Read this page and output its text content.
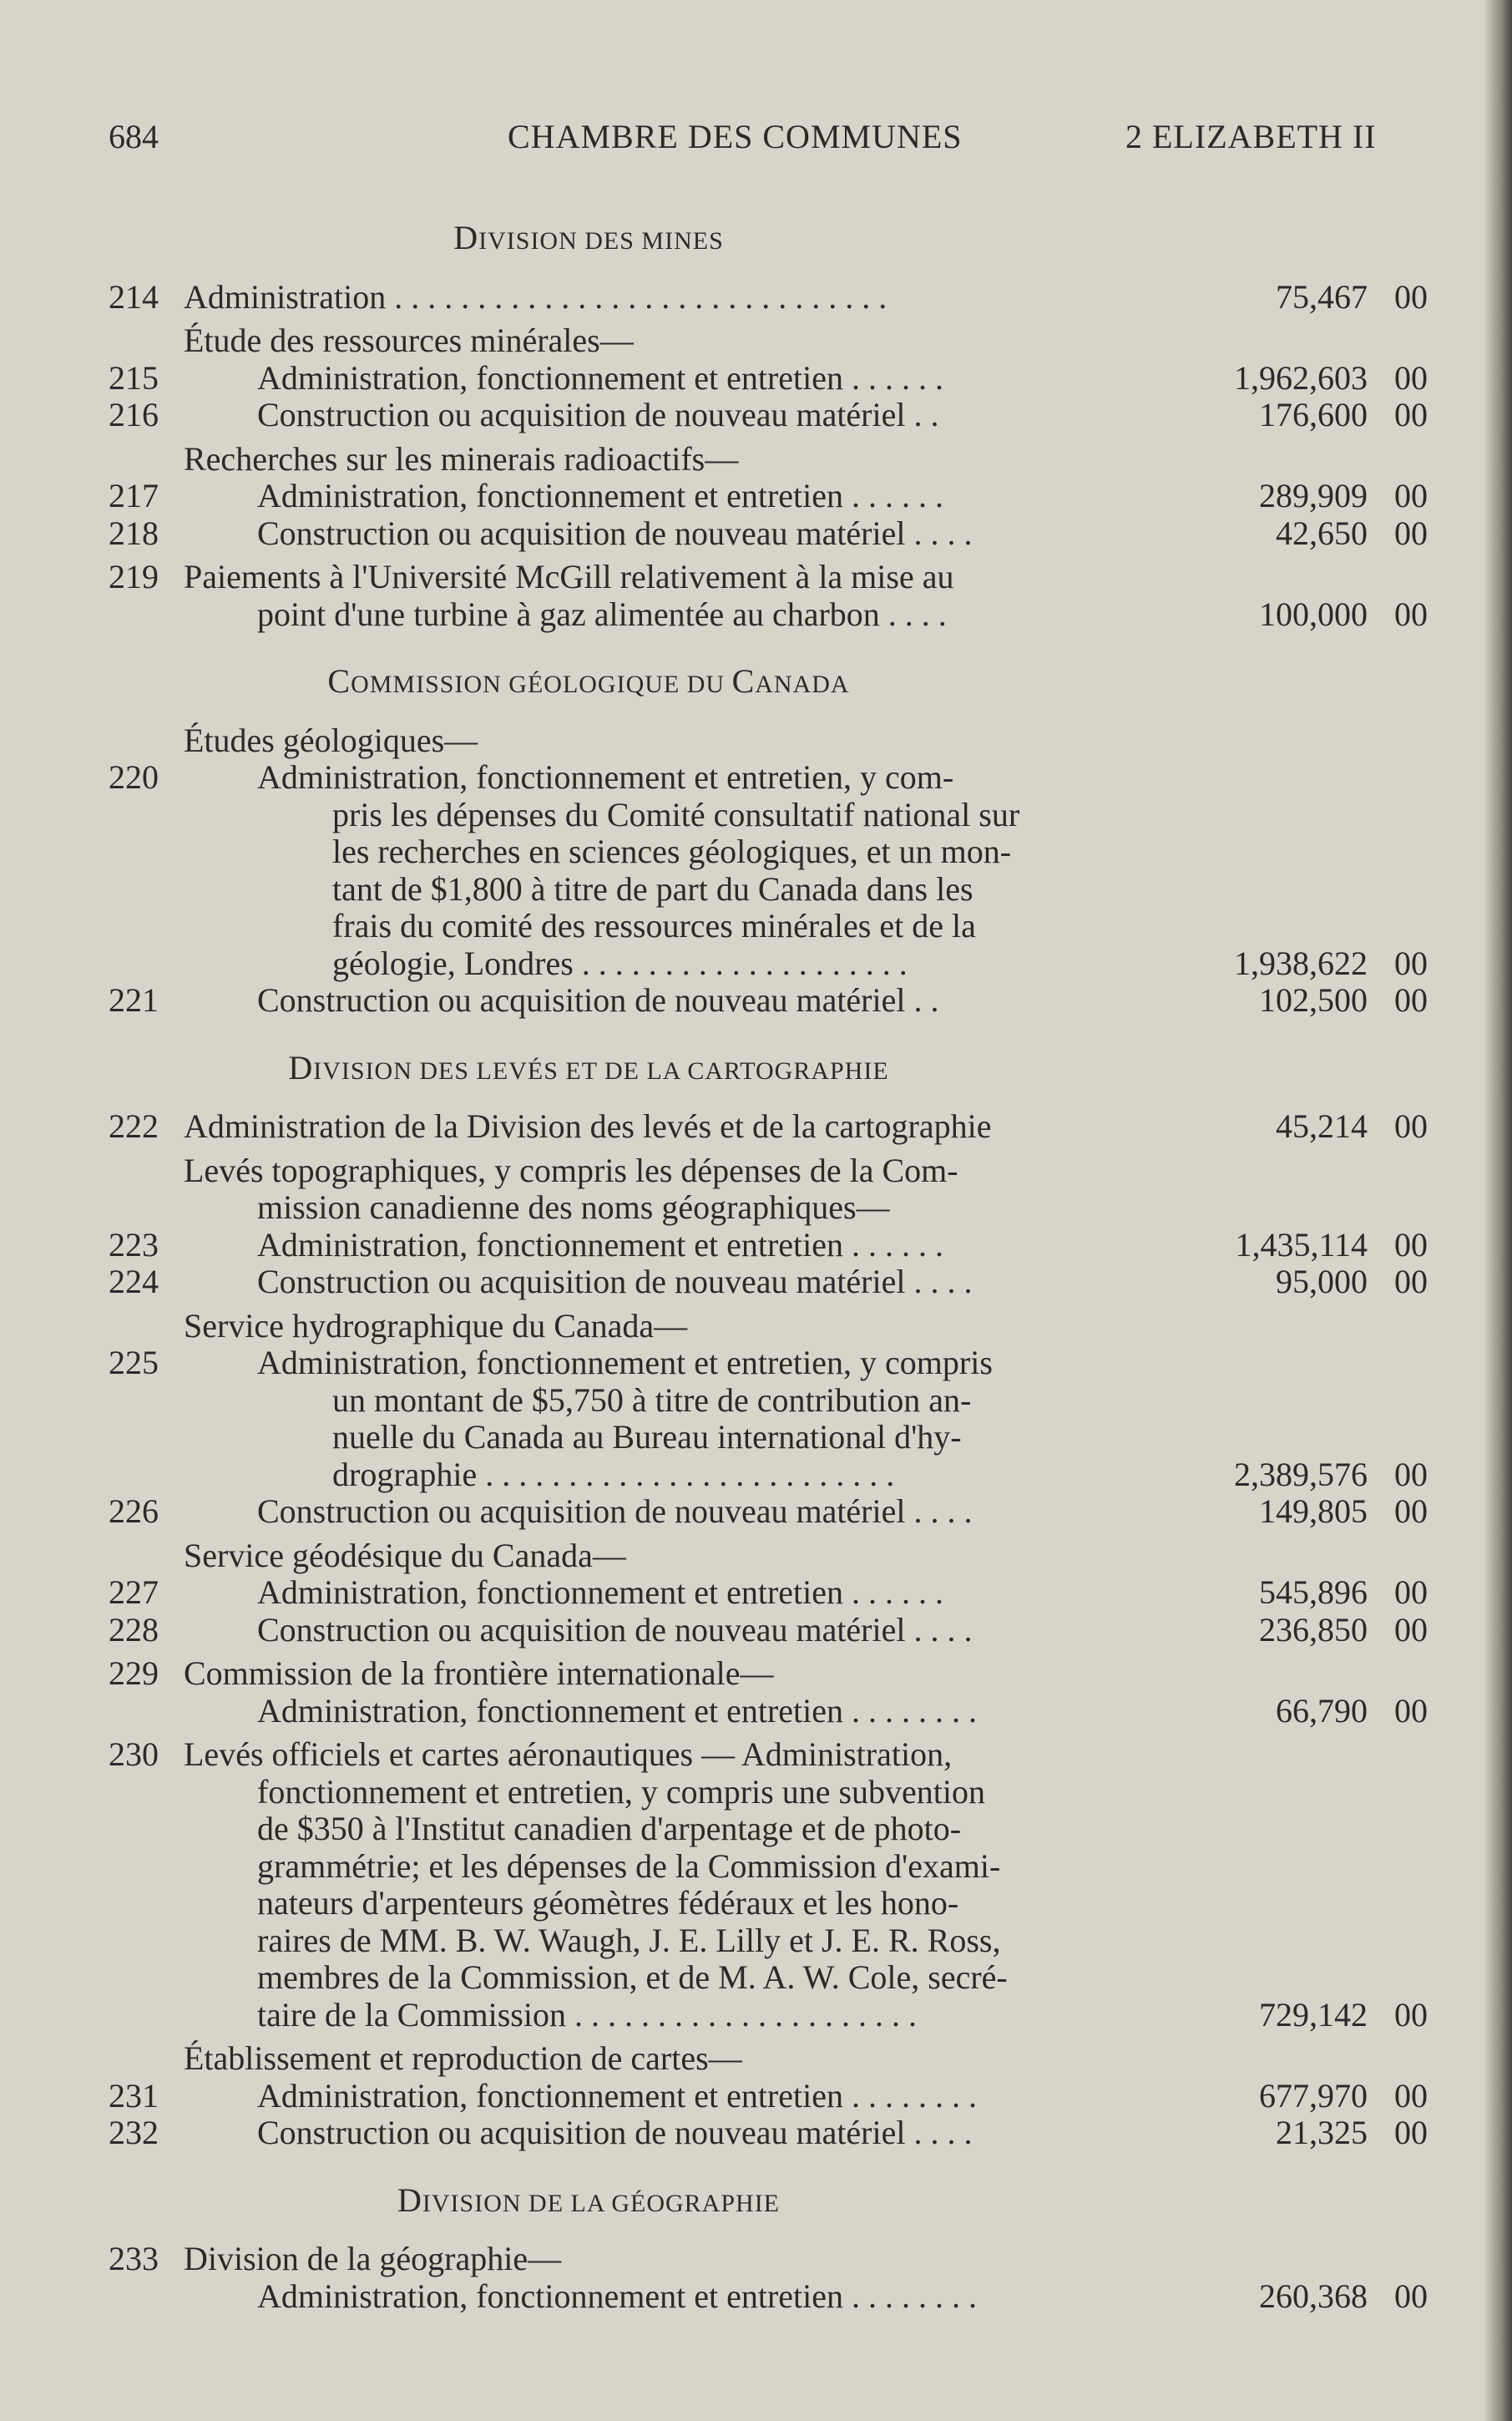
684	CHAMBRE DES COMMUNES	2 ELIZABETH II
DIVISION DES MINES
214 Administration . . . . . . . . . . . . . . . . . . . . . . . . . . . . . .	75,467 00
Étude des ressources minérales—
215	Administration, fonctionnement et entretien . . . . . .	1,962,603 00
216	Construction ou acquisition de nouveau matériel . .	176,600 00
Recherches sur les minerais radioactifs—
217	Administration, fonctionnement et entretien . . . . . .	289,909 00
218	Construction ou acquisition de nouveau matériel . . . .	42,650 00
219 Paiements à l'Université McGill relativement à la mise au
point d'une turbine à gaz alimentée au charbon . . . .	100,000 00
COMMISSION GÉOLOGIQUE DU CANADA
Études géologiques—
220	Administration, fonctionnement et entretien, y com-
pris les dépenses du Comité consultatif national sur
les recherches en sciences géologiques, et un mon-
tant de $1,800 à titre de part du Canada dans les
frais du comité des ressources minérales et de la
géologie, Londres . . . . . . . . . . . . . . . . . . . .	1,938,622 00
221	Construction ou acquisition de nouveau matériel . .	102,500 00
DIVISION DES LEVÉS ET DE LA CARTOGRAPHIE
222 Administration de la Division des levés et de la cartographie	45,214 00
Levés topographiques, y compris les dépenses de la Com-
mission canadienne des noms géographiques—
223	Administration, fonctionnement et entretien . . . . . .	1,435,114 00
224	Construction ou acquisition de nouveau matériel . . . .	95,000 00
Service hydrographique du Canada—
225	Administration, fonctionnement et entretien, y compris
un montant de $5,750 à titre de contribution an-
nuelle du Canada au Bureau international d'hy-
drographie . . . . . . . . . . . . . . . . . . . . . . . . .	2,389,576 00
226	Construction ou acquisition de nouveau matériel . . . .	149,805 00
Service géodésique du Canada—
227	Administration, fonctionnement et entretien . . . . . .	545,896 00
228	Construction ou acquisition de nouveau matériel . . . .	236,850 00
229 Commission de la frontière internationale—
Administration, fonctionnement et entretien . . . . . . . .	66,790 00
230 Levés officiels et cartes aéronautiques — Administration,
fonctionnement et entretien, y compris une subvention
de $350 à l'Institut canadien d'arpentage et de photo-
grammétrie; et les dépenses de la Commission d'exami-
nateurs d'arpenteurs géomètres fédéraux et les hono-
raires de MM. B. W. Waugh, J. E. Lilly et J. E. R. Ross,
membres de la Commission, et de M. A. W. Cole, secré-
taire de la Commission . . . . . . . . . . . . . . . . . . . . .	729,142 00
Établissement et reproduction de cartes—
231	Administration, fonctionnement et entretien . . . . . . . .	677,970 00
232	Construction ou acquisition de nouveau matériel . . . .	21,325 00
DIVISION DE LA GÉOGRAPHIE
233 Division de la géographie—
Administration, fonctionnement et entretien . . . . . . . .	260,368 00
